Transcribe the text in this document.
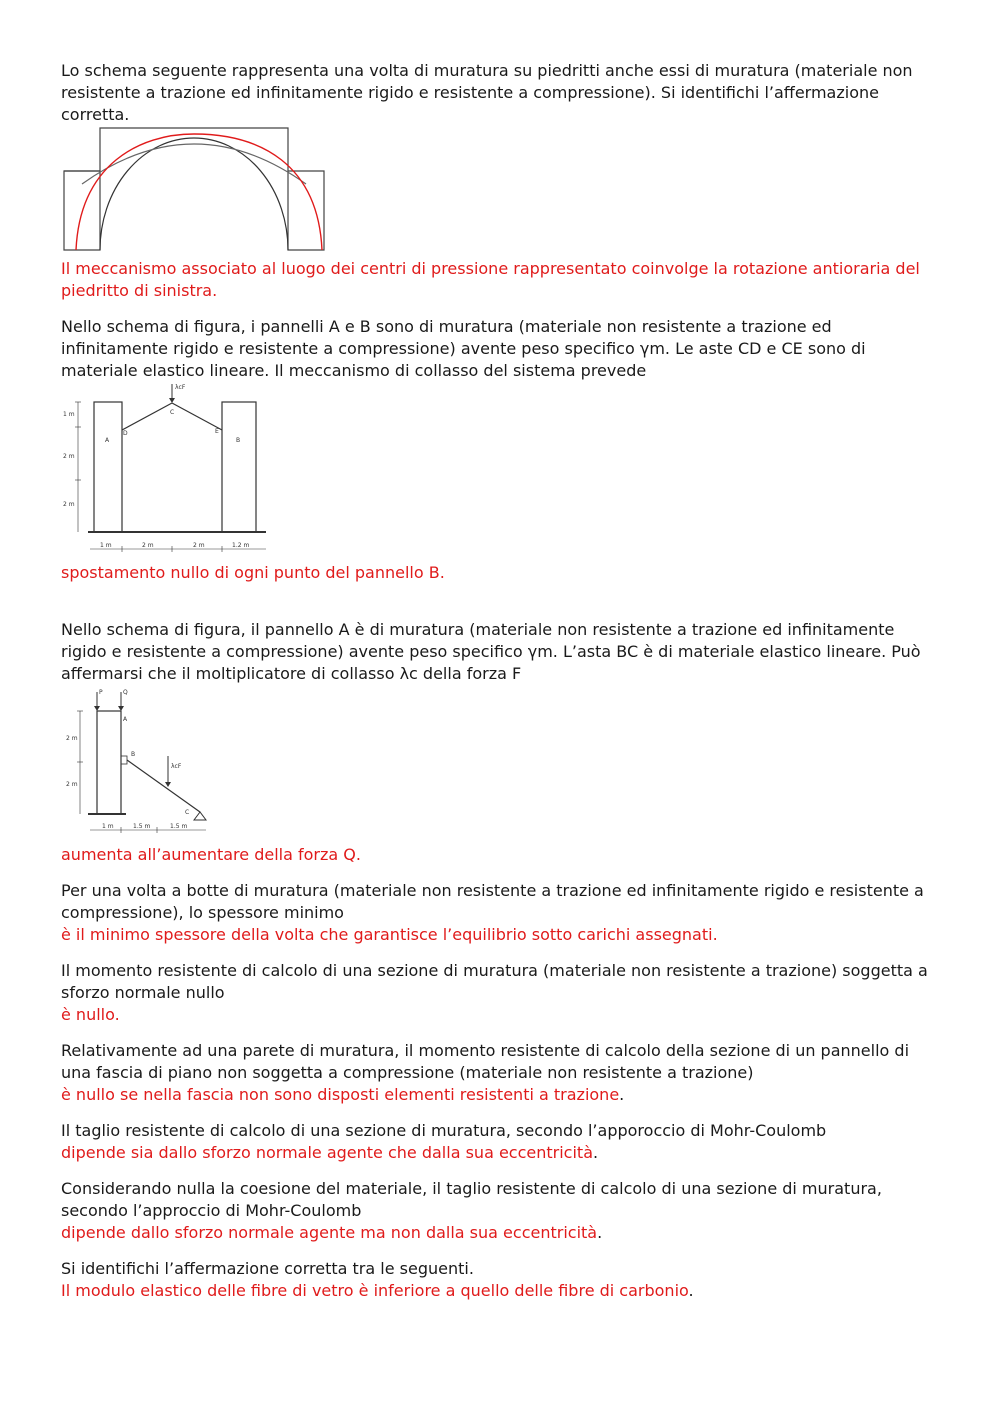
Lo schema seguente rappresenta una volta di muratura su piedritti anche essi di muratura (materiale non resistente a trazione ed infinitamente rigido e resistente a compressione). Si identifichi l’affermazione corretta.

Il meccanismo associato al luogo dei centri di pressione rappresentato coinvolge la rotazione antioraria del piedritto di sinistra.

Nello schema di figura, i pannelli A e B sono di muratura (materiale non resistente a trazione ed infinitamente rigido e resistente a compressione) avente peso specifico γm. Le aste CD e CE sono di materiale elastico lineare. Il meccanismo di collasso del sistema prevede

λcF
A	B
C
D	E
1 m
2 m
2 m
1 m	2 m	2 m	1.2 m

spostamento nullo di ogni punto del pannello B.

Nello schema di figura, il pannello A è di muratura (materiale non resistente a trazione ed infinitamente rigido e resistente a compressione) avente peso specifico γm. L’asta BC è di materiale elastico lineare. Può affermarsi che il moltiplicatore di collasso λc della forza F

P	Q
A
B
λcF
C
2 m
2 m
1 m	1.5 m	1.5 m

aumenta all’aumentare della forza Q.

Per una volta a botte di muratura (materiale non resistente a trazione ed infinitamente rigido e resistente a compressione), lo spessore minimo
è il minimo spessore della volta che garantisce l’equilibrio sotto carichi assegnati.
Il momento resistente di calcolo di una sezione di muratura (materiale non resistente a trazione) soggetta a sforzo normale nullo
è nullo.
Relativamente ad una parete di muratura, il momento resistente di calcolo della sezione di un pannello di una fascia di piano non soggetta a compressione (materiale non resistente a trazione)
è nullo se nella fascia non sono disposti elementi resistenti a trazione.
Il taglio resistente di calcolo di una sezione di muratura, secondo l’apporoccio di Mohr-Coulomb
dipende sia dallo sforzo normale agente che dalla sua eccentricità.
Considerando nulla la coesione del materiale, il taglio resistente di calcolo di una sezione di muratura, secondo l’approccio di Mohr-Coulomb
dipende dallo sforzo normale agente ma non dalla sua eccentricità.
Si identifichi l’affermazione corretta tra le seguenti.
Il modulo elastico delle fibre di vetro è inferiore a quello delle fibre di carbonio.
